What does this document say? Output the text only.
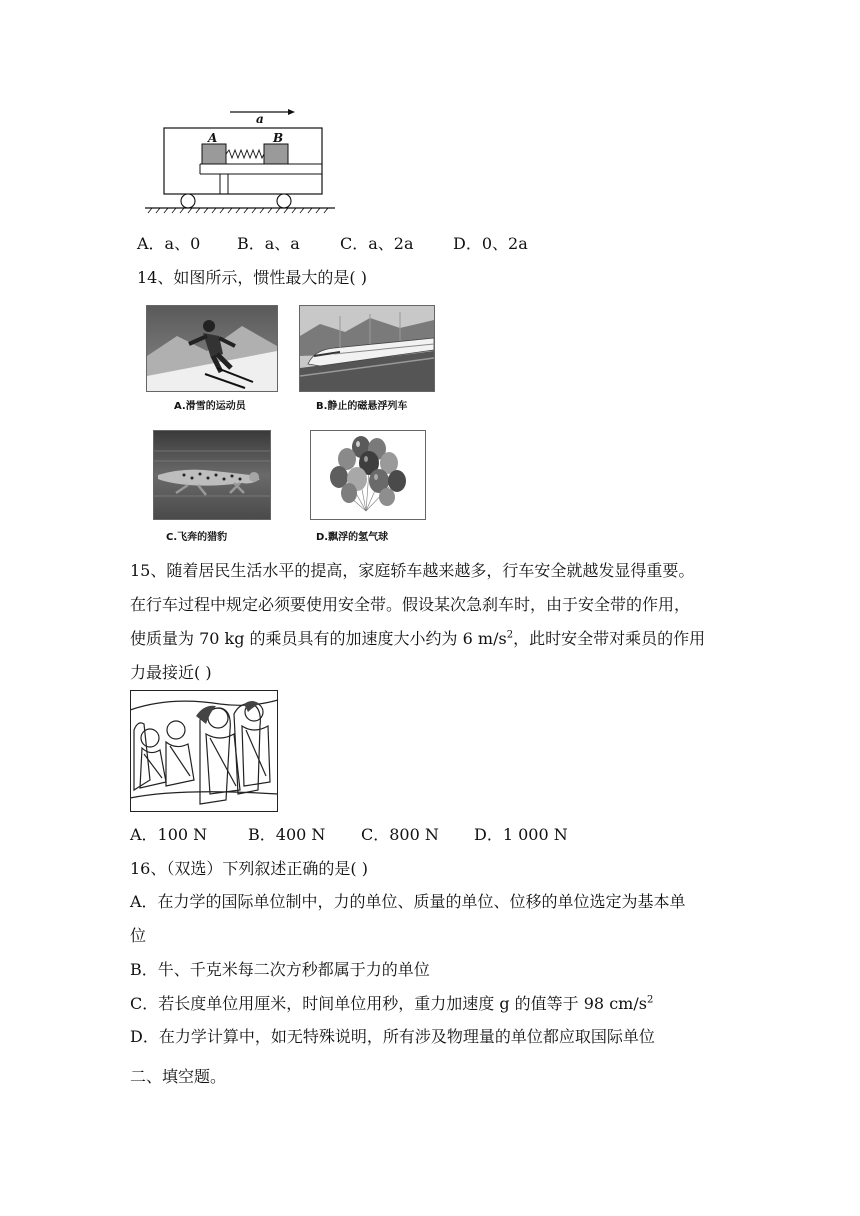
a
A	B
A．a、0 B．a、a	C．a、2a D．0、2a
14、如图所示，惯性最大的是( )
A.滑雪的运动员	B.静止的磁悬浮列车
C.飞奔的猎豹	D.飘浮的氢气球
15、随着居民生活水平的提高，家庭轿车越来越多，行车安全就越发显得重要。
在行车过程中规定必须要使用安全带。假设某次急刹车时，由于安全带的作用，
使质量为 70 kg 的乘员具有的加速度大小约为 6 $m/s^2$，此时安全带对乘员的作用
力最接近( )
A．100 N	B．400 N C．800 N D．1 000 N
16、（双选）下列叙述正确的是( )
A．在力学的国际单位制中，力的单位、质量的单位、位移的单位选定为基本单
位
B．牛、千克米每二次方秒都属于力的单位
C．若长度单位用厘米，时间单位用秒，重力加速度 g 的值等于 98 $cm/s^2$
D．在力学计算中，如无特殊说明，所有涉及物理量的单位都应取国际单位
二、填空题。
